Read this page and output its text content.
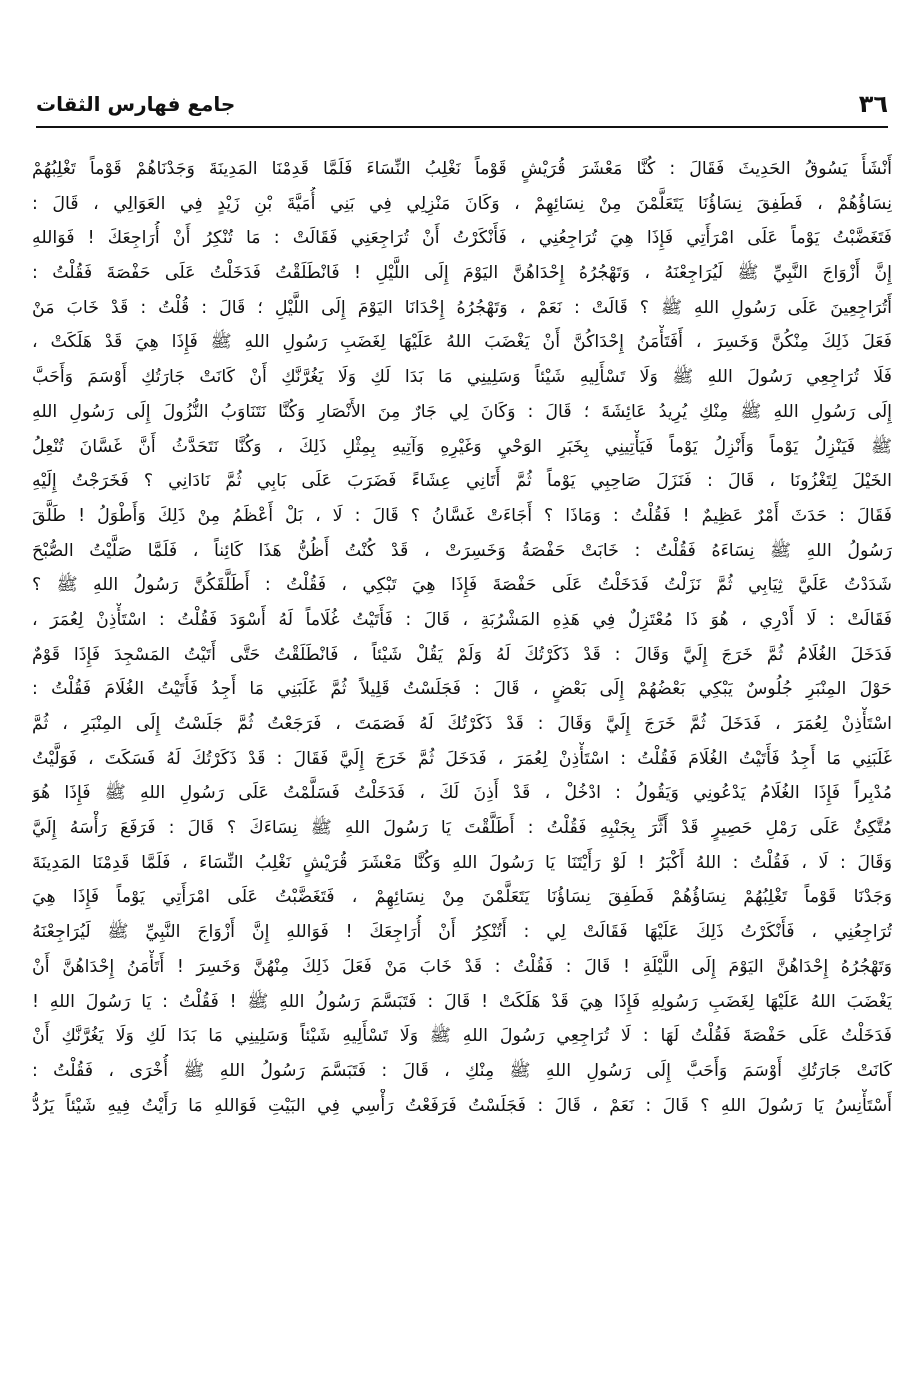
٣٦
جامع فهارس الثقات
أَنْشَأَ يَسُوقُ الحَدِيثَ فَقَالَ : كُنَّا مَعْشَرَ قُرَيْشٍ قَوْماً نَغْلِبُ النِّسَاءَ فَلَمَّا قَدِمْنَا المَدِينَةَ وَجَدْنَاهُمْ قَوْماً تَغْلِبُهُمْ
نِسَاؤُهُمْ ، فَطَفِقَ نِسَاؤُنَا يَتَعَلَّمْنَ مِنْ نِسَائِهِمْ ، وَكَانَ مَنْزِلِي فِي بَنِي أُمَيَّةَ بْنِ زَيْدٍ فِي العَوَالِي ، قَالَ :
فَتَغَضَّبْتُ يَوْماً عَلَى امْرَأَتِي فَإِذَا هِيَ تُرَاجِعُنِي ، فَأَنْكَرْتُ أَنْ تُرَاجِعَنِي فَقَالَتْ : مَا تُنْكِرُ أَنْ أُرَاجِعَكَ ! فَوَاللهِ
إِنَّ أَزْوَاجَ النَّبِيِّ ﷺ لَيُرَاجِعْنَهُ ، وَتَهْجُرُهُ إِحْدَاهُنَّ اليَوْمَ إِلَى اللَّيْلِ ! فَانْطَلَقْتُ فَدَخَلْتُ عَلَى حَفْصَةَ فَقُلْتُ :
أَتُرَاجِعِينَ عَلَى رَسُولِ اللهِ ﷺ ؟ قَالَتْ : نَعَمْ ، وَتَهْجُرُهُ إِحْدَانَا اليَوْمَ إِلَى اللَّيْلِ ؛ قَالَ : قُلْتُ : قَدْ خَابَ مَنْ
فَعَلَ ذَلِكَ مِنْكُنَّ وَخَسِرَ ، أَفَتَأْمَنُ إِحْدَاكُنَّ أَنْ يَغْضَبَ اللهُ عَلَيْهَا لِغَضَبِ رَسُولِ اللهِ ﷺ فَإِذَا هِيَ قَدْ هَلَكَتْ ،
فَلَا تُرَاجِعِي رَسُولَ اللهِ ﷺ وَلَا تَسْأَلِيهِ شَيْئاً وَسَلِينِي مَا بَدَا لَكِ وَلَا يَغُرَّنَّكِ أَنْ كَانَتْ جَارَتُكِ أَوْسَمَ وَأَحَبَّ
إِلَى رَسُولِ اللهِ ﷺ مِنْكِ يُرِيدُ عَائِشَةَ ؛ قَالَ : وَكَانَ لِي جَارٌ مِنَ الأَنْصَارِ وَكُنَّا نَتَنَاوَبُ النُّزُولَ إِلَى رَسُولِ اللهِ
ﷺ فَيَنْزِلُ يَوْماً وَأَنْزِلُ يَوْماً فَيَأْتِينِي بِخَبَرِ الوَحْيِ وَغَيْرِهِ وَآتِيهِ بِمِثْلِ ذَلِكَ ، وَكُنَّا نَتَحَدَّثُ أَنَّ غَسَّانَ تُنْعِلُ
الخَيْلَ لِتَغْزُونَا ، قَالَ : فَنَزَلَ صَاحِبِي يَوْماً ثُمَّ أَتَانِي عِشَاءً فَضَرَبَ عَلَى بَابِي ثُمَّ نَادَانِي ؟ فَخَرَجْتُ إِلَيْهِ
فَقَالَ : حَدَثَ أَمْرٌ عَظِيمٌ ! فَقُلْتُ : وَمَاذَا ؟ أَجَاءَتْ غَسَّانُ ؟ قَالَ : لَا ، بَلْ أَعْظَمُ مِنْ ذَلِكَ وَأَطْوَلُ ! طَلَّقَ
رَسُولُ اللهِ ﷺ نِسَاءَهُ فَقُلْتُ : خَابَتْ حَفْصَةُ وَخَسِرَتْ ، قَدْ كُنْتُ أَظُنُّ هَذَا كَائِناً ، فَلَمَّا صَلَّيْتُ الصُّبْحَ
شَدَدْتُ عَلَيَّ ثِيَابِي ثُمَّ نَزَلْتُ فَدَخَلْتُ عَلَى حَفْصَةَ فَإِذَا هِيَ تَبْكِي ، فَقُلْتُ : أَطَلَّقَكُنَّ رَسُولُ اللهِ ﷺ ؟
فَقَالَتْ : لَا أَدْرِي ، هُوَ ذَا مُعْتَزِلٌ فِي هَذِهِ المَشْرُبَةِ ، قَالَ : فَأَتَيْتُ غُلَاماً لَهُ أَسْوَدَ فَقُلْتُ : اسْتَأْذِنْ لِعُمَرَ ،
فَدَخَلَ الغُلَامُ ثُمَّ خَرَجَ إِلَيَّ وَقَالَ : قَدْ ذَكَرْتُكَ لَهُ وَلَمْ يَقُلْ شَيْئاً ، فَانْطَلَقْتُ حَتَّى أَتَيْتُ المَسْجِدَ فَإِذَا قَوْمٌ
حَوْلَ المِنْبَرِ جُلُوسٌ يَبْكِي بَعْضُهُمْ إِلَى بَعْضٍ ، قَالَ : فَجَلَسْتُ قَلِيلاً ثُمَّ غَلَبَنِي مَا أَجِدُ فَأَتَيْتُ الغُلَامَ فَقُلْتُ :
اسْتَأْذِنْ لِعُمَرَ ، فَدَخَلَ ثُمَّ خَرَجَ إِلَيَّ وَقَالَ : قَدْ ذَكَرْتُكَ لَهُ فَصَمَتَ ، فَرَجَعْتُ ثُمَّ جَلَسْتُ إِلَى المِنْبَرِ ، ثُمَّ
غَلَبَنِي مَا أَجِدُ فَأَتَيْتُ الغُلَامَ فَقُلْتُ : اسْتَأْذِنْ لِعُمَرَ ، فَدَخَلَ ثُمَّ خَرَجَ إِلَيَّ فَقَالَ : قَدْ ذَكَرْتُكَ لَهُ فَسَكَتَ ، فَوَلَّيْتُ
مُدْبِراً فَإِذَا الغُلَامُ يَدْعُونِي وَيَقُولُ : ادْخُلْ ، قَدْ أَذِنَ لَكَ ، فَدَخَلْتُ فَسَلَّمْتُ عَلَى رَسُولِ اللهِ ﷺ فَإِذَا هُوَ
مُتَّكِئٌ عَلَى رَمْلِ حَصِيرٍ قَدْ أَثَّرَ بِجَنْبِهِ فَقُلْتُ : أَطَلَّقْتَ يَا رَسُولَ اللهِ ﷺ نِسَاءَكَ ؟ قَالَ : فَرَفَعَ رَأْسَهُ إِلَيَّ
وَقَالَ : لَا ، فَقُلْتُ : اللهُ أَكْبَرُ ! لَوْ رَأَيْتَنَا يَا رَسُولَ اللهِ وَكُنَّا مَعْشَرَ قُرَيْشٍ نَغْلِبُ النِّسَاءَ ، فَلَمَّا قَدِمْنَا المَدِينَةَ
وَجَدْنَا قَوْماً تَغْلِبُهُمْ نِسَاؤُهُمْ فَطَفِقَ نِسَاؤُنَا يَتَعَلَّمْنَ مِنْ نِسَائِهِمْ ، فَتَغَضَّبْتُ عَلَى امْرَأَتِي يَوْماً فَإِذَا هِيَ
تُرَاجِعُنِي ، فَأَنْكَرْتُ ذَلِكَ عَلَيْهَا فَقَالَتْ لِي : أَتُنْكِرُ أَنْ أُرَاجِعَكَ ! فَوَاللهِ إِنَّ أَزْوَاجَ النَّبِيِّ ﷺ لَيُرَاجِعْنَهُ
وَتَهْجُرُهُ إِحْدَاهُنَّ اليَوْمَ إِلَى اللَّيْلَةِ ! قَالَ : فَقُلْتُ : قَدْ خَابَ مَنْ فَعَلَ ذَلِكَ مِنْهُنَّ وَخَسِرَ ! أَتَأْمَنُ إِحْدَاهُنَّ أَنْ
يَغْضَبَ اللهُ عَلَيْهَا لِغَضَبِ رَسُولِهِ فَإِذَا هِيَ قَدْ هَلَكَتْ ! قَالَ : فَتَبَسَّمَ رَسُولُ اللهِ ﷺ ! فَقُلْتُ : يَا رَسُولَ اللهِ !
فَدَخَلْتُ عَلَى حَفْصَةَ فَقُلْتُ لَهَا : لَا تُرَاجِعِي رَسُولَ اللهِ ﷺ وَلَا تَسْأَلِيهِ شَيْئاً وَسَلِينِي مَا بَدَا لَكِ وَلَا يَغُرَّنَّكِ أَنْ
كَانَتْ جَارَتُكِ أَوْسَمَ وَأَحَبَّ إِلَى رَسُولِ اللهِ ﷺ مِنْكِ ، قَالَ : فَتَبَسَّمَ رَسُولُ اللهِ ﷺ أُخْرَى ، فَقُلْتُ :
أَسْتَأْنِسُ يَا رَسُولَ اللهِ ؟ قَالَ : نَعَمْ ، قَالَ : فَجَلَسْتُ فَرَفَعْتُ رَأْسِي فِي البَيْتِ فَوَاللهِ مَا رَأَيْتُ فِيهِ شَيْئاً يَرُدُّ
